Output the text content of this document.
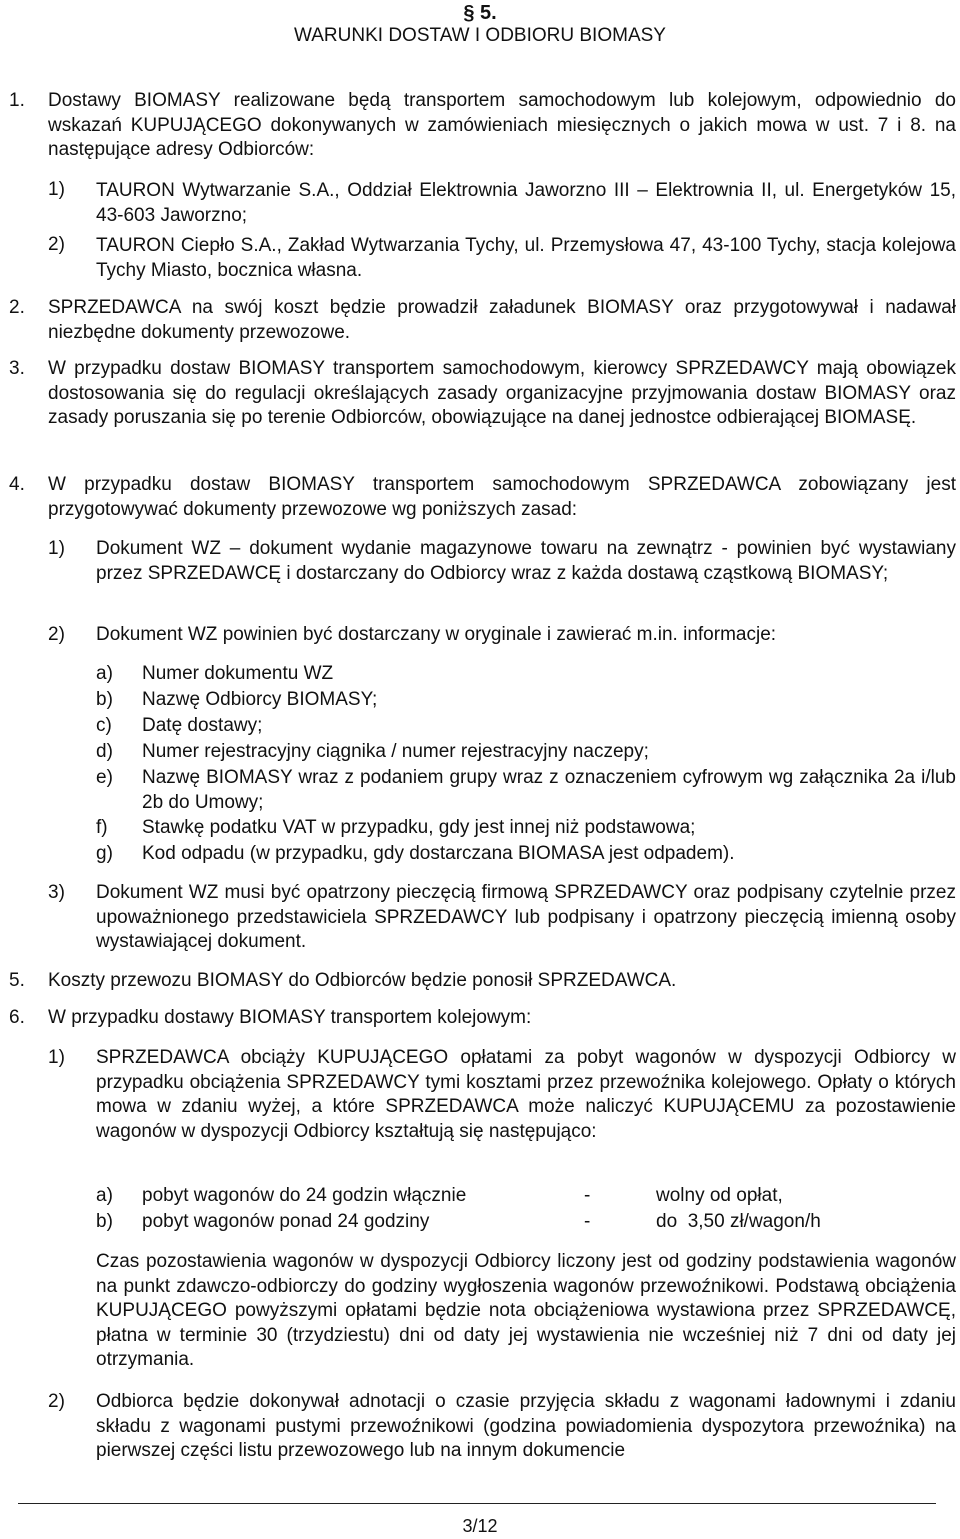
§ 5.
WARUNKI DOSTAW I ODBIORU BIOMASY
1. Dostawy BIOMASY realizowane będą transportem samochodowym lub kolejowym, odpowiednio do wskazań KUPUJĄCEGO dokonywanych w zamówieniach miesięcznych o jakich mowa w ust. 7 i 8. na następujące adresy Odbiorców:
1) TAURON Wytwarzanie S.A., Oddział Elektrownia Jaworzno III – Elektrownia II, ul. Energetyków 15, 43-603 Jaworzno;
2) TAURON Ciepło S.A., Zakład Wytwarzania Tychy, ul. Przemysłowa 47, 43-100 Tychy, stacja kolejowa Tychy Miasto, bocznica własna.
2. SPRZEDAWCA na swój koszt będzie prowadził załadunek BIOMASY oraz przygotowywał i nadawał niezbędne dokumenty przewozowe.
3. W przypadku dostaw BIOMASY transportem samochodowym, kierowcy SPRZEDAWCY mają obowiązek dostosowania się do regulacji określających zasady organizacyjne przyjmowania dostaw BIOMASY oraz zasady poruszania się po terenie Odbiorców, obowiązujące na danej jednostce odbierającej BIOMASĘ.
4. W przypadku dostaw BIOMASY transportem samochodowym SPRZEDAWCA zobowiązany jest przygotowywać dokumenty przewozowe wg poniższych zasad:
1) Dokument WZ – dokument wydanie magazynowe towaru na zewnątrz - powinien być wystawiany przez SPRZEDAWCĘ i dostarczany do Odbiorcy wraz z każda dostawą cząstkową BIOMASY;
2) Dokument WZ powinien być dostarczany w oryginale i zawierać m.in. informacje:
a) Numer dokumentu WZ
b) Nazwę Odbiorcy BIOMASY;
c) Datę dostawy;
d) Numer rejestracyjny ciągnika / numer rejestracyjny naczepy;
e) Nazwę BIOMASY wraz z podaniem grupy wraz z oznaczeniem cyfrowym wg załącznika 2a i/lub 2b do Umowy;
f) Stawkę podatku VAT w przypadku, gdy jest innej niż podstawowa;
g) Kod odpadu (w przypadku, gdy dostarczana BIOMASA jest odpadem).
3) Dokument WZ musi być opatrzony pieczęcią firmową SPRZEDAWCY oraz podpisany czytelnie przez upoważnionego przedstawiciela SPRZEDAWCY lub podpisany i opatrzony pieczęcią imienną osoby wystawiającej dokument.
5. Koszty przewozu BIOMASY do Odbiorców będzie ponosił SPRZEDAWCA.
6. W przypadku dostawy BIOMASY transportem kolejowym:
1) SPRZEDAWCA obciąży KUPUJĄCEGO opłatami za pobyt wagonów w dyspozycji Odbiorcy w przypadku obciążenia SPRZEDAWCY tymi kosztami przez przewoźnika kolejowego. Opłaty o których mowa w zdaniu wyżej, a które SPRZEDAWCA może naliczyć KUPUJĄCEMU za pozostawienie wagonów w dyspozycji Odbiorcy kształtują się następująco:
a) pobyt wagonów do 24 godzin włącznie	-	wolny od opłat,
b) pobyt wagonów ponad 24 godziny	-	do  3,50 zł/wagon/h
Czas pozostawienia wagonów w dyspozycji Odbiorcy liczony jest od godziny podstawienia wagonów na punkt zdawczo-odbiorczy do godziny wygłoszenia wagonów przewoźnikowi. Podstawą obciążenia KUPUJĄCEGO powyższymi opłatami będzie nota obciążeniowa wystawiona przez SPRZEDAWCĘ, płatna w terminie 30 (trzydziestu) dni od daty jej wystawienia nie wcześniej niż 7 dni od daty jej otrzymania.
2) Odbiorca będzie dokonywał adnotacji o czasie przyjęcia składu z wagonami ładownymi i zdaniu składu z wagonami pustymi przewoźnikowi (godzina powiadomienia dyspozytora przewoźnika) na pierwszej części listu przewozowego lub na innym dokumencie
3/12
